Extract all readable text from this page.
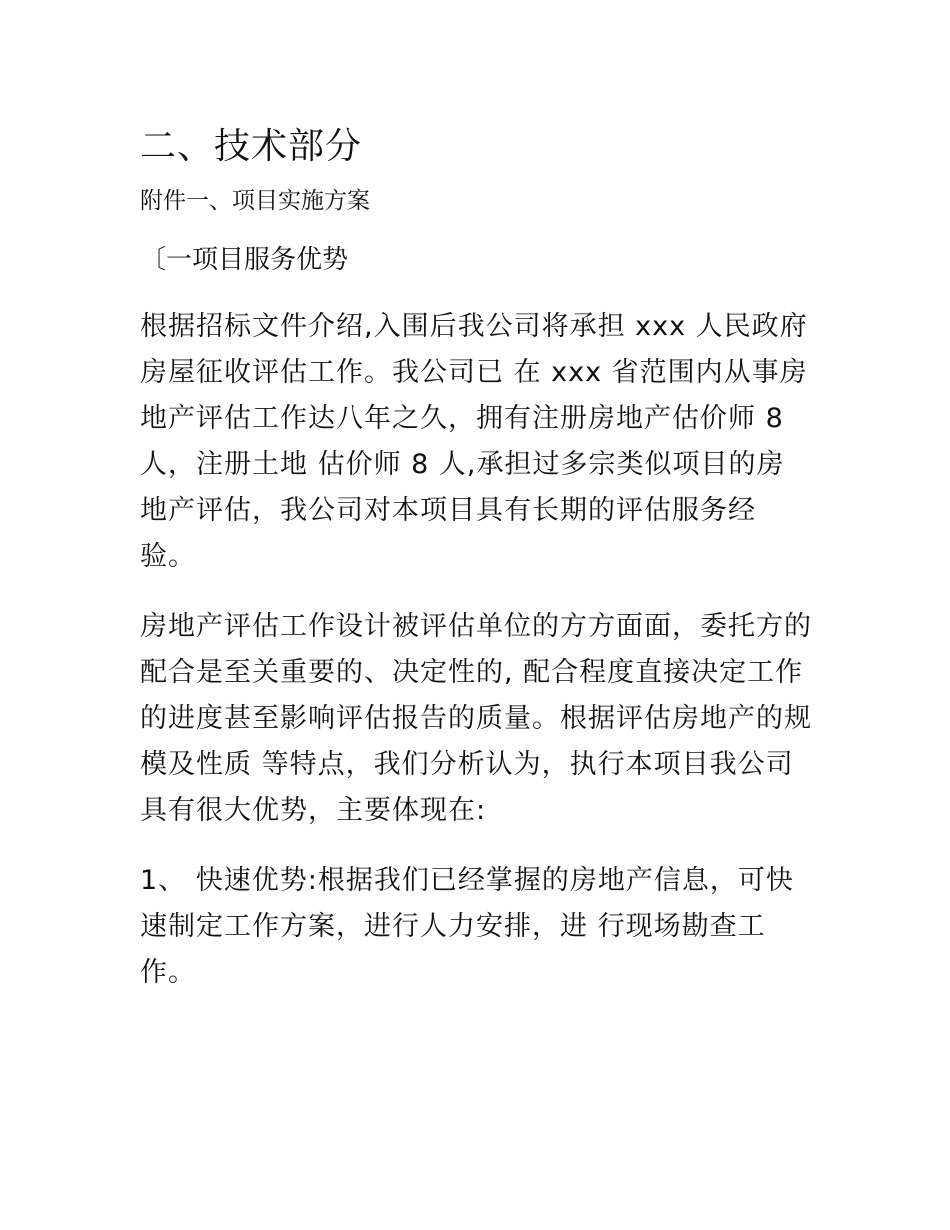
二、技术部分
附件一、项目实施方案
〔一项目服务优势

根据招标文件介绍,入围后我公司将承担 xxx 人民政府房屋征收评估工作。我公司已 在 xxx 省范围内从事房地产评估工作达八年之久，拥有注册房地产估价师 8 人，注册土地 估价师 8 人,承担过多宗类似项目的房地产评估，我公司对本项目具有长期的评估服务经 验。

房地产评估工作设计被评估单位的方方面面，委托方的配合是至关重要的、决定性的, 配合程度直接决定工作的进度甚至影响评估报告的质量。根据评估房地产的规模及性质 等特点，我们分析认为，执行本项目我公司具有很大优势，主要体现在:

1、 快速优势:根据我们已经掌握的房地产信息，可快速制定工作方案，进行人力安排，进 行现场勘查工作。
